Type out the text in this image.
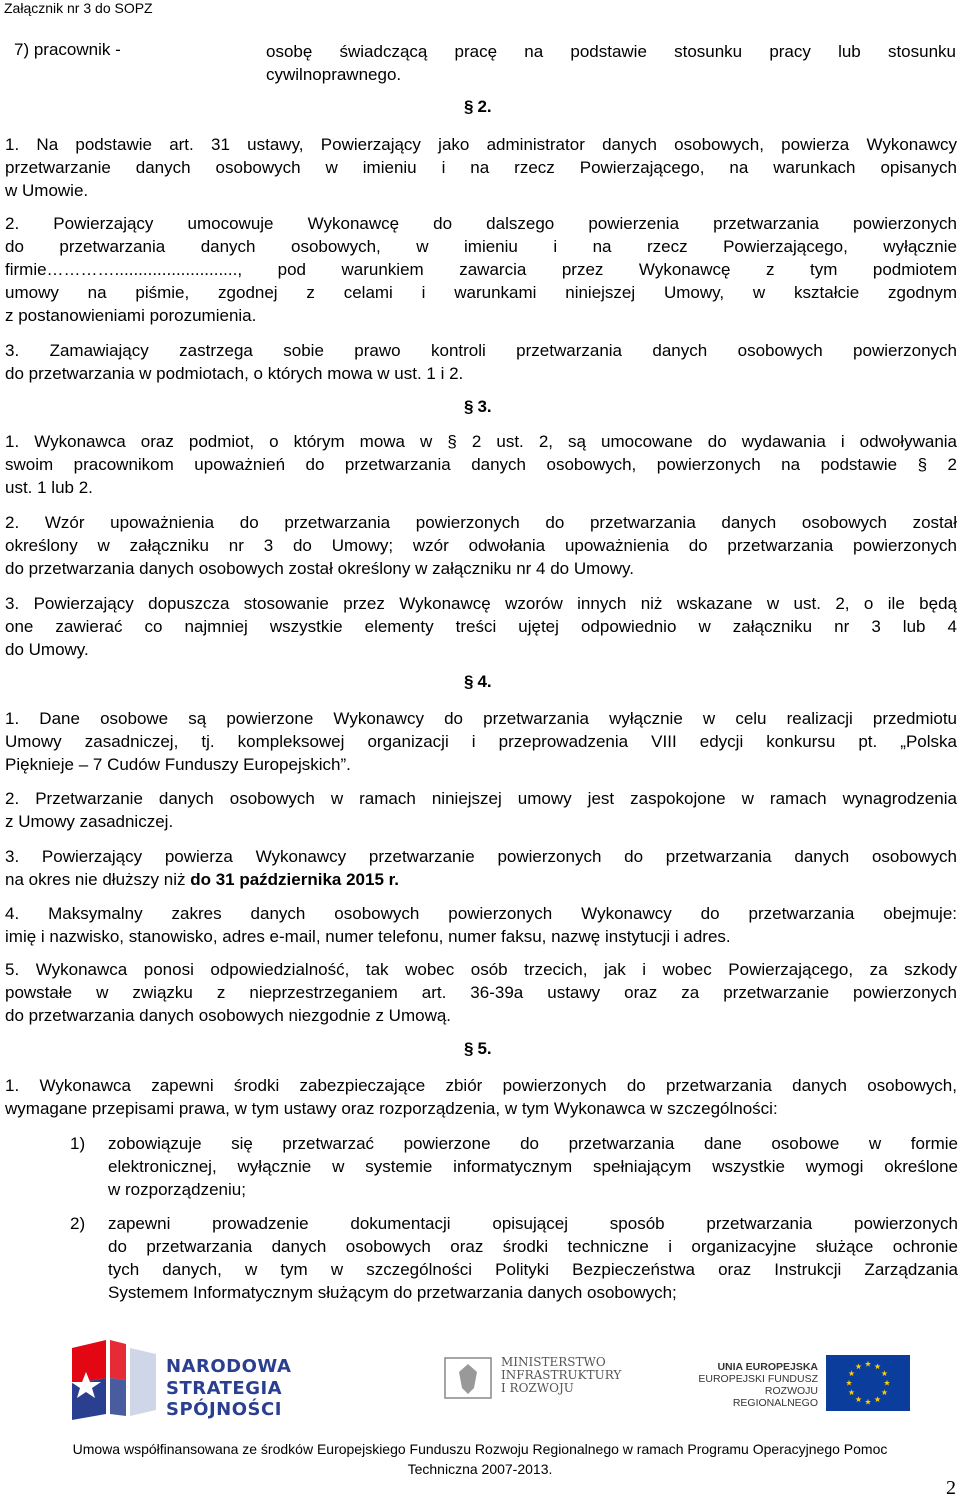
Załącznik nr 3 do SOPZ
7) pracownik -	osobę świadczącą pracę na podstawie stosunku pracy lub stosunku
cywilnoprawnego.
§ 2.
1. Na podstawie art. 31 ustawy, Powierzający jako administrator danych osobowych, powierza Wykonawcy
przetwarzanie danych osobowych w imieniu i na rzecz Powierzającego, na warunkach opisanych
w Umowie.
2. Powierzający umocowuje Wykonawcę do dalszego powierzenia przetwarzania powierzonych
do przetwarzania danych osobowych, w imieniu i na rzecz Powierzającego, wyłącznie
firmie………….........................., pod warunkiem zawarcia przez Wykonawcę z tym podmiotem
umowy na piśmie, zgodnej z celami i warunkami niniejszej Umowy, w kształcie zgodnym
z postanowieniami porozumienia.
3. Zamawiający zastrzega sobie prawo kontroli przetwarzania danych osobowych powierzonych
do przetwarzania w podmiotach, o których mowa w ust. 1 i 2.
§ 3.
1. Wykonawca oraz podmiot, o którym mowa w § 2 ust. 2, są umocowane do wydawania i odwoływania
swoim pracownikom upoważnień do przetwarzania danych osobowych, powierzonych na podstawie § 2
ust. 1 lub 2.
2. Wzór upoważnienia do przetwarzania powierzonych do przetwarzania danych osobowych został
określony w załączniku nr 3 do Umowy; wzór odwołania upoważnienia do przetwarzania powierzonych
do przetwarzania danych osobowych został określony w załączniku nr 4 do Umowy.
3. Powierzający dopuszcza stosowanie przez Wykonawcę wzorów innych niż wskazane w ust. 2, o ile będą
one zawierać co najmniej wszystkie elementy treści ujętej odpowiednio w załączniku nr 3 lub 4
do Umowy.
§ 4.
1. Dane osobowe są powierzone Wykonawcy do przetwarzania wyłącznie w celu realizacji przedmiotu
Umowy zasadniczej, tj. kompleksowej organizacji i przeprowadzenia VIII edycji konkursu pt. „Polska
Pięknieje – 7 Cudów Funduszy Europejskich”.
2. Przetwarzanie danych osobowych w ramach niniejszej umowy jest zaspokojone w ramach wynagrodzenia
z Umowy zasadniczej.
3. Powierzający powierza Wykonawcy przetwarzanie powierzonych do przetwarzania danych osobowych
na okres nie dłuższy niż do 31 października 2015 r.
4. Maksymalny zakres danych osobowych powierzonych Wykonawcy do przetwarzania obejmuje:
imię i nazwisko, stanowisko, adres e-mail, numer telefonu, numer faksu, nazwę instytucji i adres.
5. Wykonawca ponosi odpowiedzialność, tak wobec osób trzecich, jak i wobec Powierzającego, za szkody
powstałe w związku z nieprzestrzeganiem art. 36-39a ustawy oraz za przetwarzanie powierzonych
do przetwarzania danych osobowych niezgodnie z Umową.
§ 5.
1. Wykonawca zapewni środki zabezpieczające zbiór powierzonych do przetwarzania danych osobowych,
wymagane przepisami prawa, w tym ustawy oraz rozporządzenia, w tym Wykonawca w szczególności:
1) zobowiązuje się przetwarzać powierzone do przetwarzania dane osobowe w formie
elektronicznej, wyłącznie w systemie informatycznym spełniającym wszystkie wymogi określone
w rozporządzeniu;
2) zapewni prowadzenie dokumentacji opisującej sposób przetwarzania powierzonych
do przetwarzania danych osobowych oraz środki techniczne i organizacyjne służące ochronie
tych danych, w tym w szczególności Polityki Bezpieczeństwa oraz Instrukcji Zarządzania
Systemem Informatycznym służącym do przetwarzania danych osobowych;
NARODOWA
STRATEGIA SPÓJNOŚCI
MINISTERSTWO
INFRASTRUKTURY
I ROZWOJU
UNIA EUROPEJSKA
EUROPEJSKI FUNDUSZ
ROZWOJU REGIONALNEGO
Umowa współfinansowana ze środków Europejskiego Funduszu Rozwoju Regionalnego w ramach Programu Operacyjnego Pomoc
Techniczna 2007-2013.
2
